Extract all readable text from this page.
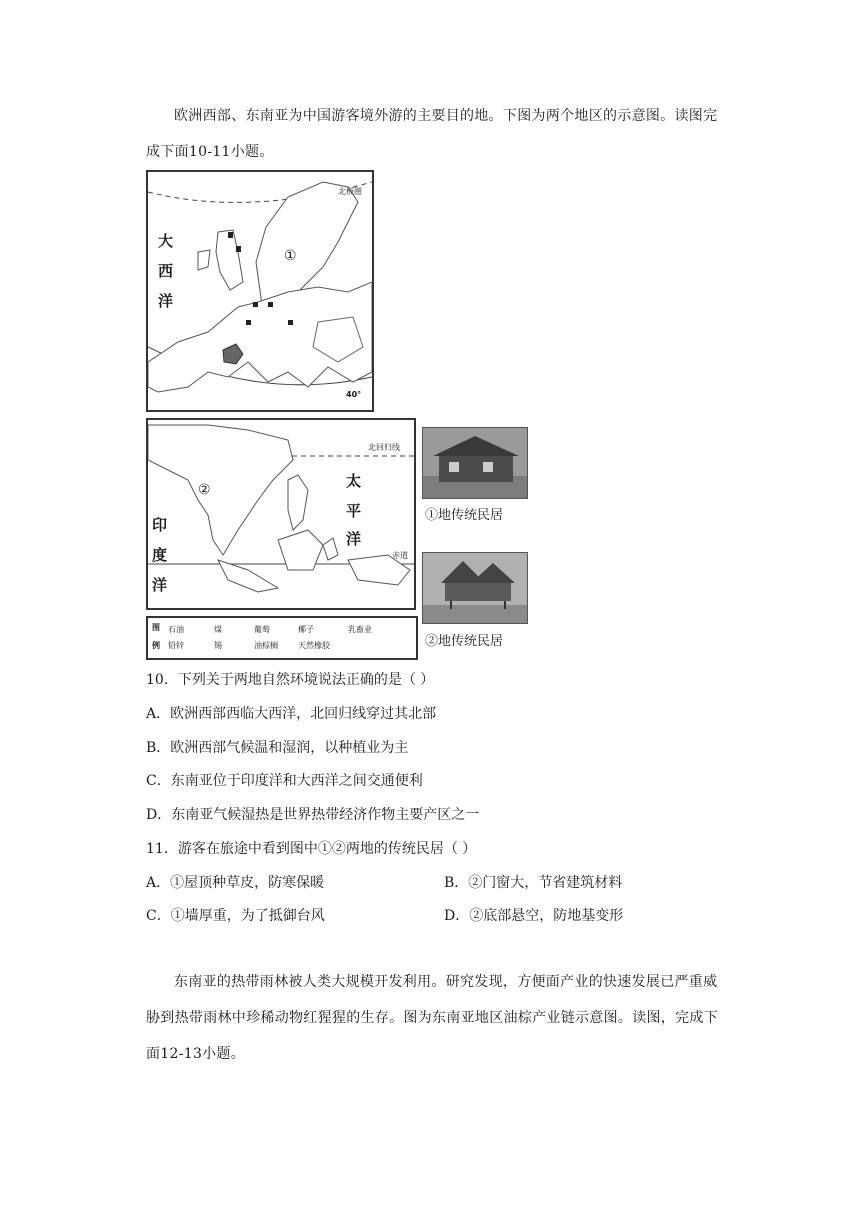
欧洲西部、东南亚为中国游客境外游的主要目的地。下图为两个地区的示意图。读图完成下面10-11小题。
大
西
洋
北极圈
40°
①
北回归线
赤道
太
平
洋
印
度
洋
②
图
例
石油	煤	葡萄	椰子	乳畜业
铅锌	锡	油棕榈	天然橡胶
①地传统民居
②地传统民居
10．下列关于两地自然环境说法正确的是（ ）
A．欧洲西部西临大西洋，北回归线穿过其北部
B．欧洲西部气候温和湿润，以种植业为主
C．东南亚位于印度洋和大西洋之间交通便利
D．东南亚气候湿热是世界热带经济作物主要产区之一
11．游客在旅途中看到图中①②两地的传统民居（ ）
A．①屋顶种草皮，防寒保暖	B．②门窗大，节省建筑材料
C．①墙厚重，为了抵御台风	D．②底部悬空，防地基变形
东南亚的热带雨林被人类大规模开发利用。研究发现，方便面产业的快速发展已严重威胁到热带雨林中珍稀动物红猩猩的生存。图为东南亚地区油棕产业链示意图。读图，完成下面12-13小题。
